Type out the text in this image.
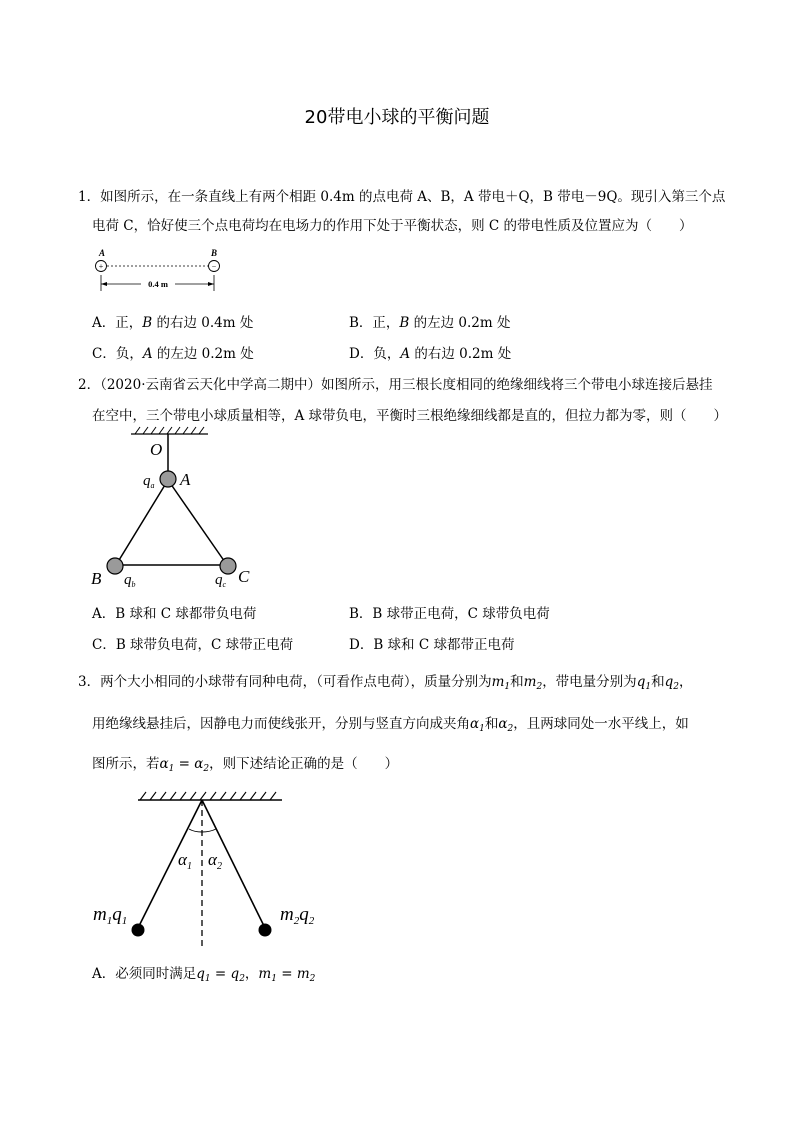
20带电小球的平衡问题
1．如图所示，在一条直线上有两个相距 0.4m 的点电荷 A、B，A 带电＋Q，B 带电－9Q。现引入第三个点
电荷 C，恰好使三个点电荷均在电场力的作用下处于平衡状态，则 C 的带电性质及位置应为（　　）
A	B
+	−
0.4 m
A．正，B 的右边 0.4m 处	B．正，B 的左边 0.2m 处
C．负，A 的左边 0.2m 处	D．负，A 的右边 0.2m 处
2．（2020·云南省云天化中学高二期中）如图所示，用三根长度相同的绝缘细线将三个带电小球连接后悬挂
在空中，三个带电小球质量相等，A 球带负电，平衡时三根绝缘细线都是直的，但拉力都为零，则（　　）
O
A
$q_a$
B $q_b$	$q_c$ C
A．B 球和 C 球都带负电荷	B．B 球带正电荷，C 球带负电荷
C．B 球带负电荷，C 球带正电荷	D．B 球和 C 球都带正电荷
3．两个大小相同的小球带有同种电荷，（可看作点电荷），质量分别为$m_1$和$m_2$，带电量分别为$q_1$和$q_2$，
用绝缘线悬挂后，因静电力而使线张开，分别与竖直方向成夹角$\alpha_1$和$\alpha_2$，且两球同处一水平线上，如
图所示，若$\alpha_1 = \alpha_2$，则下述结论正确的是（　　）
$\alpha_1$ $\alpha_2$
$m_1q_1$	$m_2q_2$
A．必须同时满足$q_1 = q_2$，$m_1 = m_2$
